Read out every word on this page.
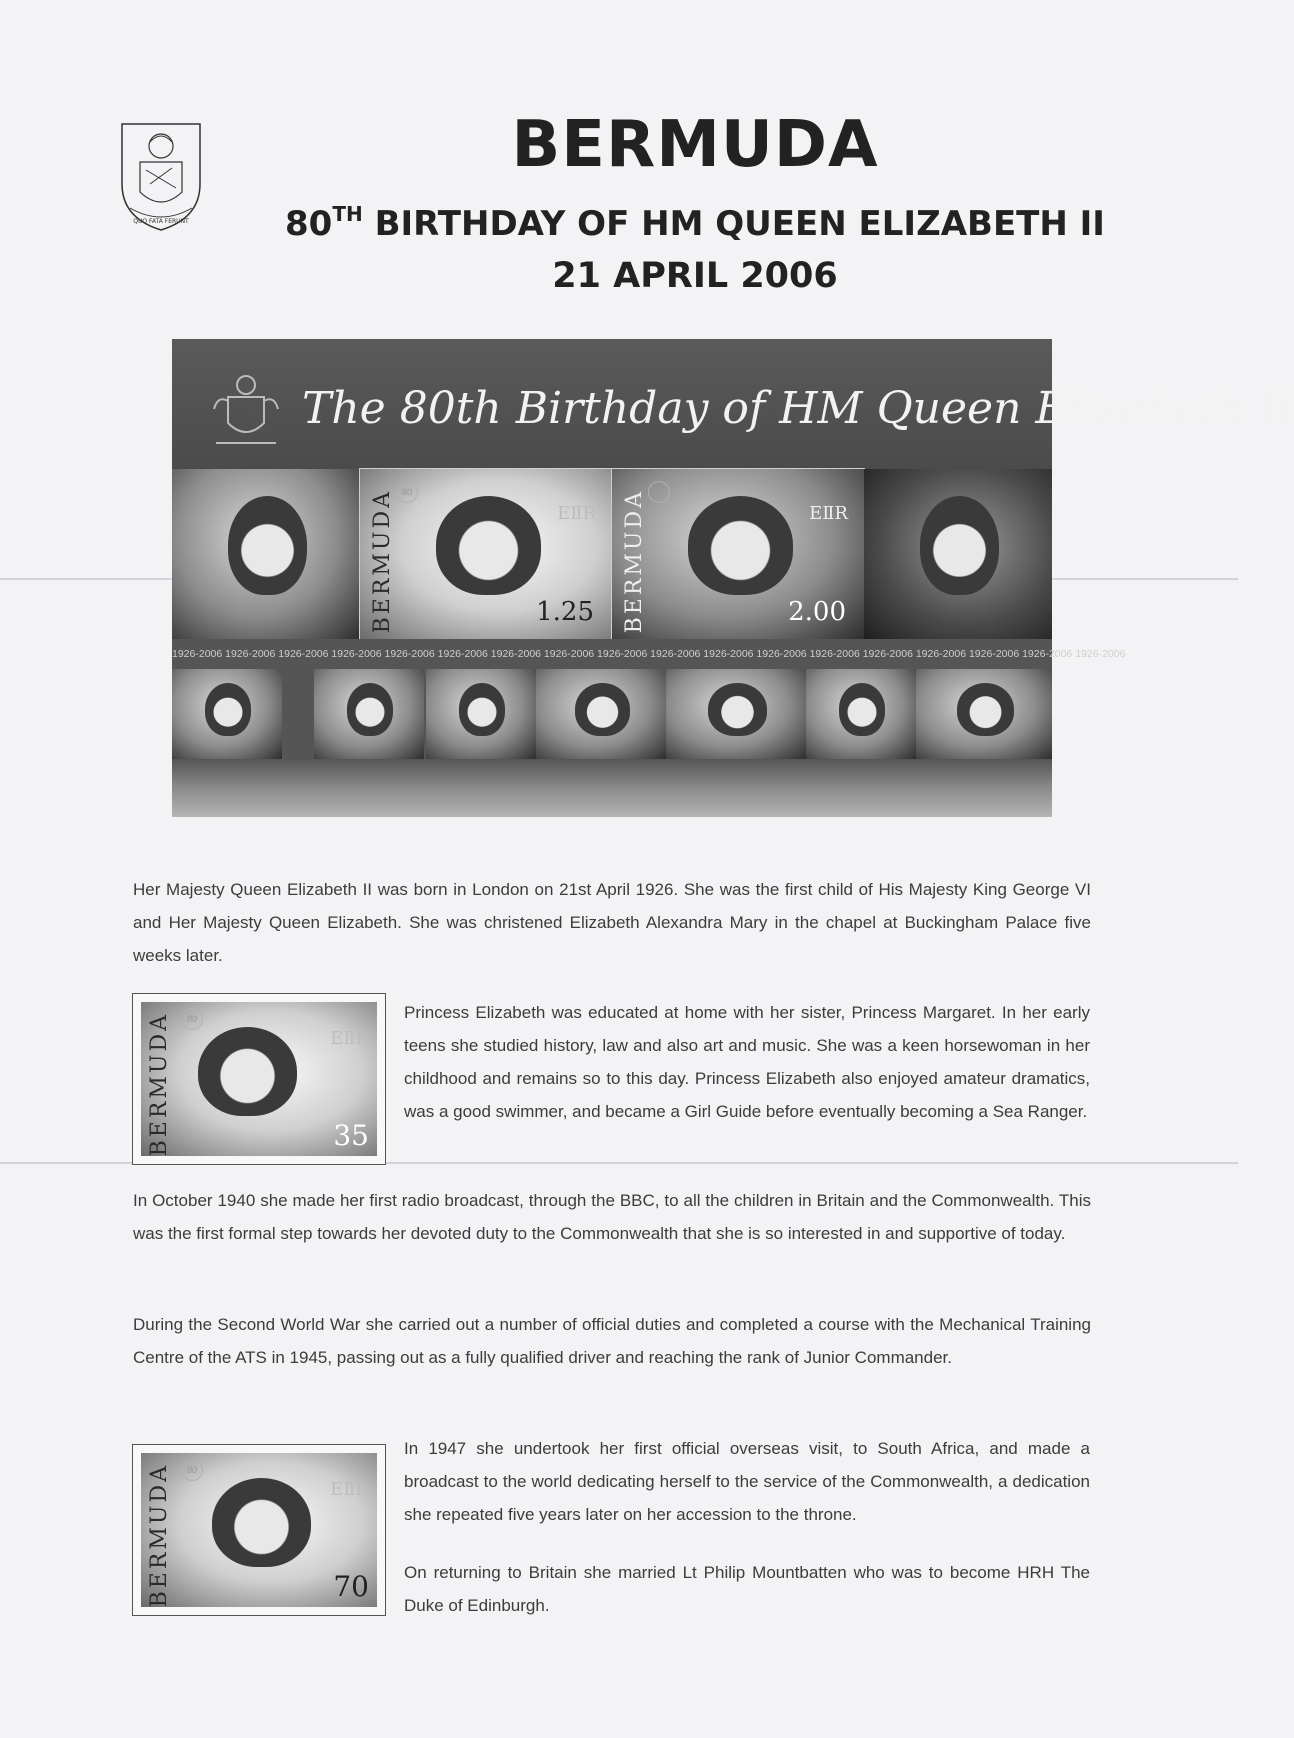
QUO FATA FERUNT
BERMUDA
80TH BIRTHDAY OF HM QUEEN ELIZABETH II
21 APRIL 2006
The 80th Birthday of HM Queen Elizabeth II
BERMUDA 80
EⅡR
1.25 BERMUDA 80
EⅡR
2.00
1926-2006 1926-2006 1926-2006 1926-2006 1926-2006 1926-2006 1926-2006 1926-2006 1926-2006 1926-2006 1926-2006 1926-2006 1926-2006 1926-2006 1926-2006 1926-2006 1926-2006 1926-2006
Her Majesty Queen Elizabeth II was born in London on 21st April 1926. She was the first child of His Majesty King George VI and Her Majesty Queen Elizabeth. She was christened Elizabeth Alexandra Mary in the chapel at Buckingham Palace five weeks later.
BERMUDA	80
EⅡR
35
Princess Elizabeth was educated at home with her sister, Princess Margaret. In her early teens she studied history, law and also art and music. She was a keen horsewoman in her childhood and remains so to this day. Princess Elizabeth also enjoyed amateur dramatics, was a good swimmer, and became a Girl Guide before eventually becoming a Sea Ranger.
In October 1940 she made her first radio broadcast, through the BBC, to all the children in Britain and the Commonwealth. This was the first formal step towards her devoted duty to the Commonwealth that she is so interested in and supportive of today.
During the Second World War she carried out a number of official duties and completed a course with the Mechanical Training Centre of the ATS in 1945, passing out as a fully qualified driver and reaching the rank of Junior Commander.
BERMUDA	80
EⅡR
70
In 1947 she undertook her first official overseas visit, to South Africa, and made a broadcast to the world dedicating herself to the service of the Commonwealth, a dedication she repeated five years later on her accession to the throne.
On returning to Britain she married Lt Philip Mountbatten who was to become HRH The Duke of Edinburgh.
